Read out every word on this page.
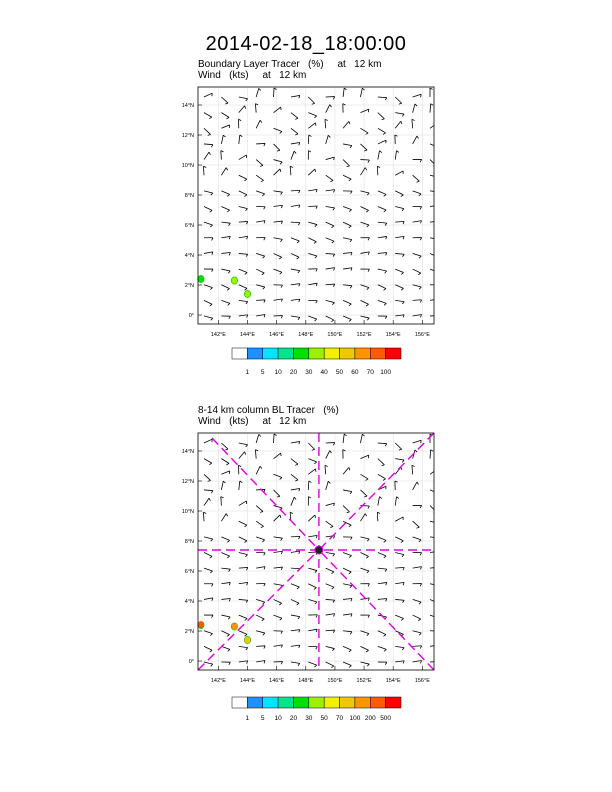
2014-02-18_18:00:00
Boundary Layer Tracer   (%)     at   12 km
Wind   (kts)     at   12 km
8-14 km column BL Tracer   (%)
Wind   (kts)     at   12 km
142°E	144°E	146°E	148°E	150°E	152°E	154°E	156°E
0°
2°N
4°N
6°N
8°N
10°N
12°N
14°N
142°E	144°E	146°E	148°E	150°E	152°E	154°E	156°E
0°
2°N
4°N
6°N
8°N
10°N
12°N
14°N
1 5 10 20 30 40 50 60 70 100
1 5 10 20 30 50 70 100 200 500
